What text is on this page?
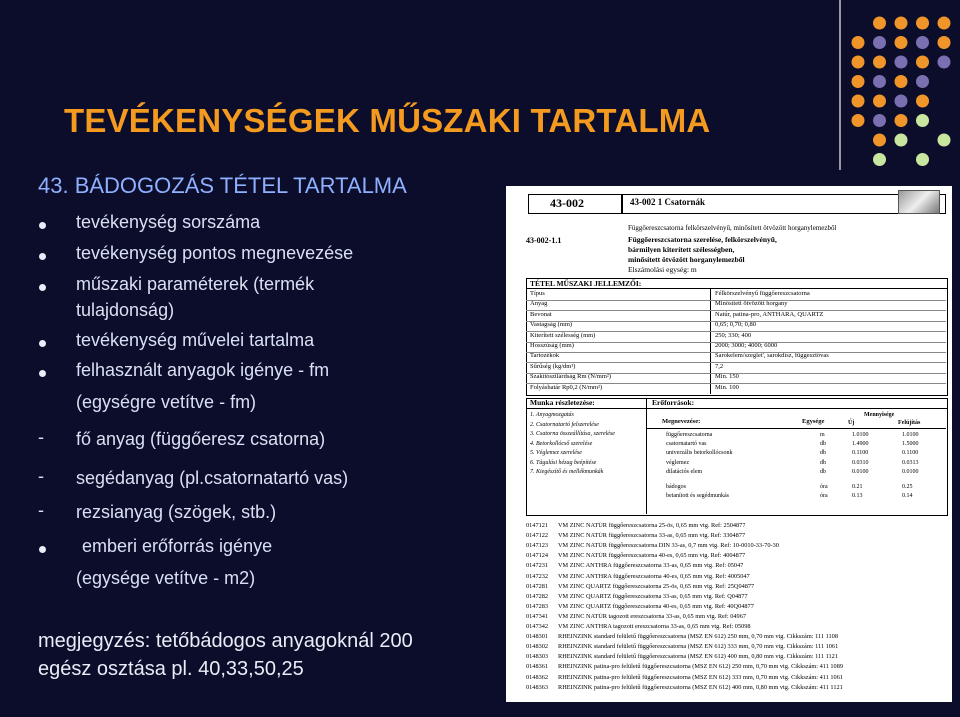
TEVÉKENYSÉGEK MŰSZAKI TARTALMA
43. BÁDOGOZÁS TÉTEL TARTALMA
tevékenység sorszáma
tevékenység pontos megnevezése
műszaki paraméterek (termék
tulajdonság)
tevékenység művelei tartalma
felhasznált anyagok igénye - fm
(egységre vetítve - fm)
- fő anyag (függőeresz csatorna)
- segédanyag (pl.csatornatartó vas)
- rezsianyag (szögek, stb.)
emberi erőforrás igénye
(egysége vetítve - m2)
megjegyzés: tetőbádogos anyagoknál 200
egész osztása pl. 40,33,50,25
43-002	43-002 1 Csatornák
Függőereszcsatorna felkörszelvényű, minősített ötvözött horganylemezből
43-002-1.1	Függőereszcsatorna szerelése, felkörszelvényű,
bármilyen kiterített szélességben,
minősített ötvözött horganylemezből
Elszámolási egység: m
TÉTEL MŰSZAKI JELLEMZŐI:
Típus	Félkörszelvényű függőereszcsatorna
Anyag	Minősített ötvözött horgany
Bevonat	Natúr, patina-pro, ANTHARA, QUARTZ
Vastagság (mm)	0,65; 0,70; 0,80
Kiterített szélesség (mm)	250; 330; 400
Hosszúság (mm)	2000; 3000; 4000; 6000
Tartozékok	Sarokelem/szeglet', sarokdísz, függesztővas
Sűrűség (kg/dm³)	7,2
Szakítószilárdság Rm (N/mm²)	Min. 150
Folyáshatár Rp0,2 (N/mm²)	Min. 100
Munka részletezése:	Erőforrások:
1. Anyagmozgatás
2. Csatornatartó felszerelése
3. Csatorna összeállítása, szerelése
4. Betorkollócső szerelése
5. Véglemez szerelése
6. Tágulási hézag beépítése
7. Kiegészítő és mellékmunkák
Megnevezése:	Egysége
Mennyisége
Új	Felújítás
függőereszcsatorna	m	1.0100	1.0100
csatornatartó vas	db	1.4900	1.5000
univerzális betorkollócsonk	db	0.1100	0.1100
véglemez	db	0.0310	0.0313
dilatációs elem	db	0.0100	0.0100
bádogos	óra	0.21	0.25
betanított és segédmunkás	óra	0.13	0.14
0147121 VM ZINC NATÚR függőereszcsatorna 25-ös, 0,65 mm vtg. Ref: 2504877
0147122 VM ZINC NATÚR függőereszcsatorna 33-as, 0,65 mm vtg. Ref: 3304877
0147123 VM ZINC NATÚR függőereszcsatorna DIN 33-as, 0,7 mm vtg. Ref: 10-0010-33-70-30
0147124 VM ZINC NATÚR függőereszcsatorna 40-es, 0,65 mm vtg. Ref: 4004877
0147231 VM ZINC ANTHRA függőereszcsatorna 33-as, 0,65 mm vtg. Ref: 05047
0147232 VM ZINC ANTHRA függőereszcsatorna 40-es, 0,65 mm vtg. Ref: 4005047
0147281 VM ZINC QUARTZ függőereszcsatorna 25-ös, 0,65 mm vtg. Ref: 25Q04877
0147282 VM ZINC QUARTZ függőereszcsatorna 33-as, 0,65 mm vtg. Ref: Q04877
0147283 VM ZINC QUARTZ függőereszcsatorna 40-es, 0,65 mm vtg. Ref: 40Q04877
0147341 VM ZINC NATÚR tagozott ereszcsatorna 33-as, 0,65 mm vtg. Ref: 04967
0147342 VM ZINC ANTHRA tagozott ereszcsatorna 33-as, 0,65 mm vtg. Ref: 05098
0148301 RHEINZINK standard felületű függőereszcsatorna (MSZ EN 612) 250 mm, 0,70 mm vtg. Cikkszám: 111 1108
0148302 RHEINZINK standard felületű függőereszcsatorna (MSZ EN 612) 333 mm, 0,70 mm vtg. Cikkszám: 111 1061
0148303 RHEINZINK standard felületű függőereszcsatorna (MSZ EN 612) 400 mm, 0,80 mm vtg. Cikkszám: 111 1121
0148361 RHEINZINK patina-pro felületű függőereszcsatorna (MSZ EN 612) 250 mm, 0,70 mm vtg. Cikkszám: 411 1089
0148362 RHEINZINK patina-pro felületű függőereszcsatorna (MSZ EN 612) 333 mm, 0,70 mm vtg. Cikkszám: 411 1061
0148363 RHEINZINK patina-pro felületű függőereszcsatorna (MSZ EN 612) 400 mm, 0,80 mm vtg. Cikkszám: 411 1121
